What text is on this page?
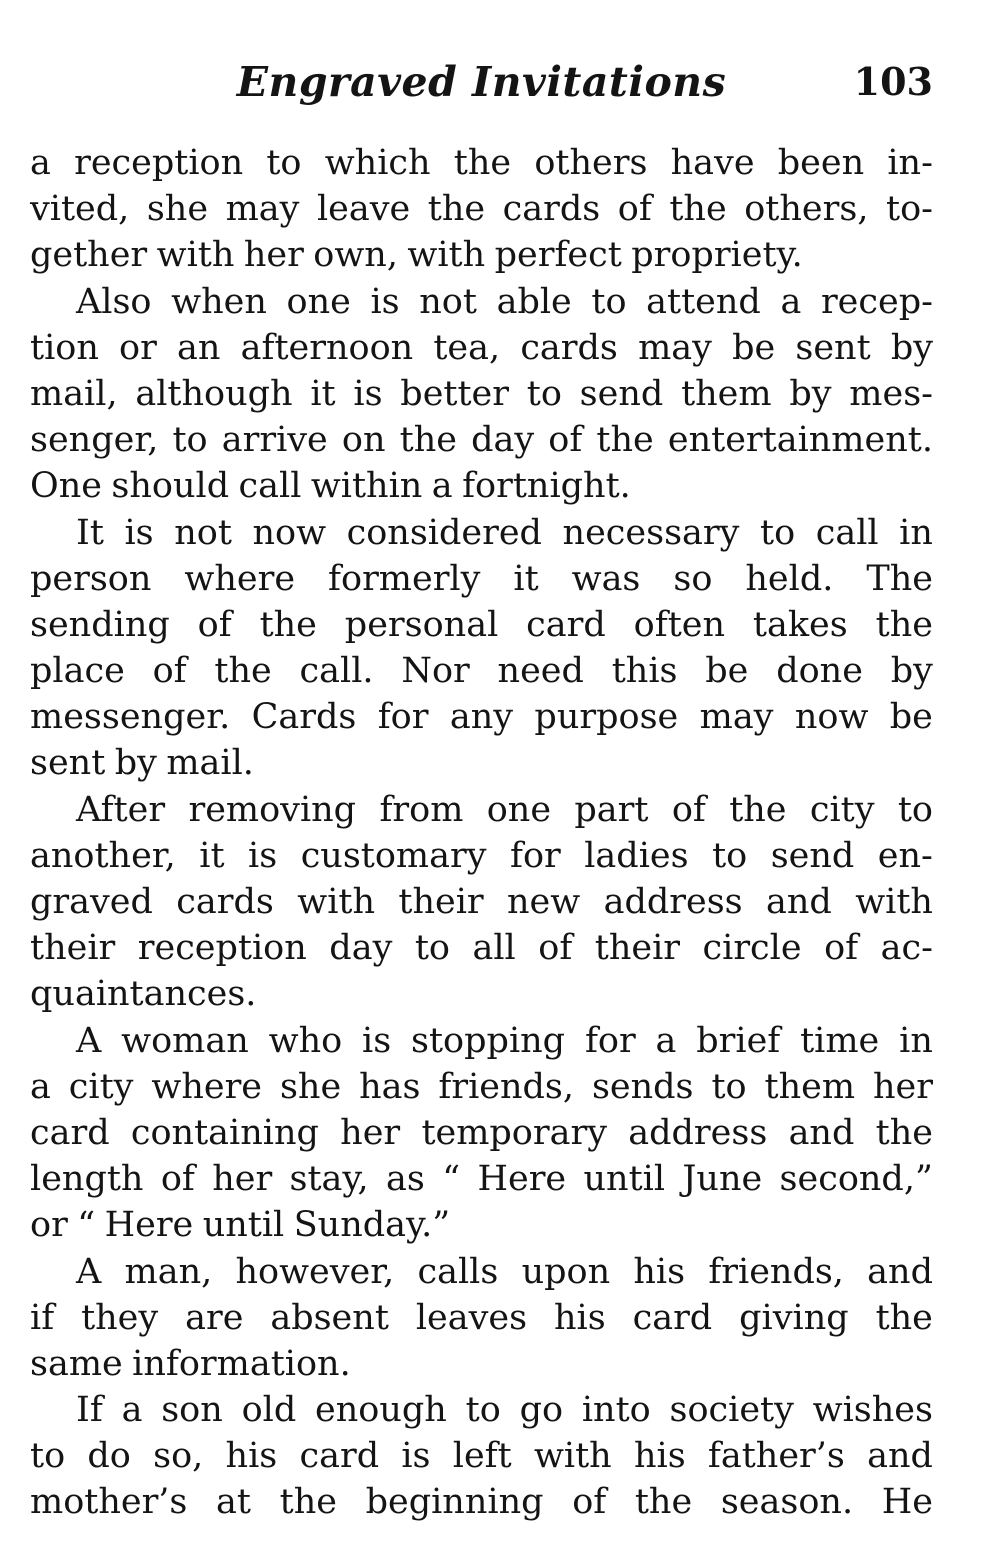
Engraved Invitations	103
a reception to which the others have been in-
vited, she may leave the cards of the others, to-
gether with her own, with perfect propriety.
Also when one is not able to attend a recep-
tion or an afternoon tea, cards may be sent by
mail, although it is better to send them by mes-
senger, to arrive on the day of the entertainment.
One should call within a fortnight.
It is not now considered necessary to call in
person where formerly it was so held. The
sending of the personal card often takes the
place of the call. Nor need this be done by
messenger. Cards for any purpose may now be
sent by mail.
After removing from one part of the city to
another, it is customary for ladies to send en-
graved cards with their new address and with
their reception day to all of their circle of ac-
quaintances.
A woman who is stopping for a brief time in
a city where she has friends, sends to them her
card containing her temporary address and the
length of her stay, as “ Here until June second,”
or “ Here until Sunday.”
A man, however, calls upon his friends, and
if they are absent leaves his card giving the
same information.
If a son old enough to go into society wishes
to do so, his card is left with his father’s and
mother’s at the beginning of the season. He
